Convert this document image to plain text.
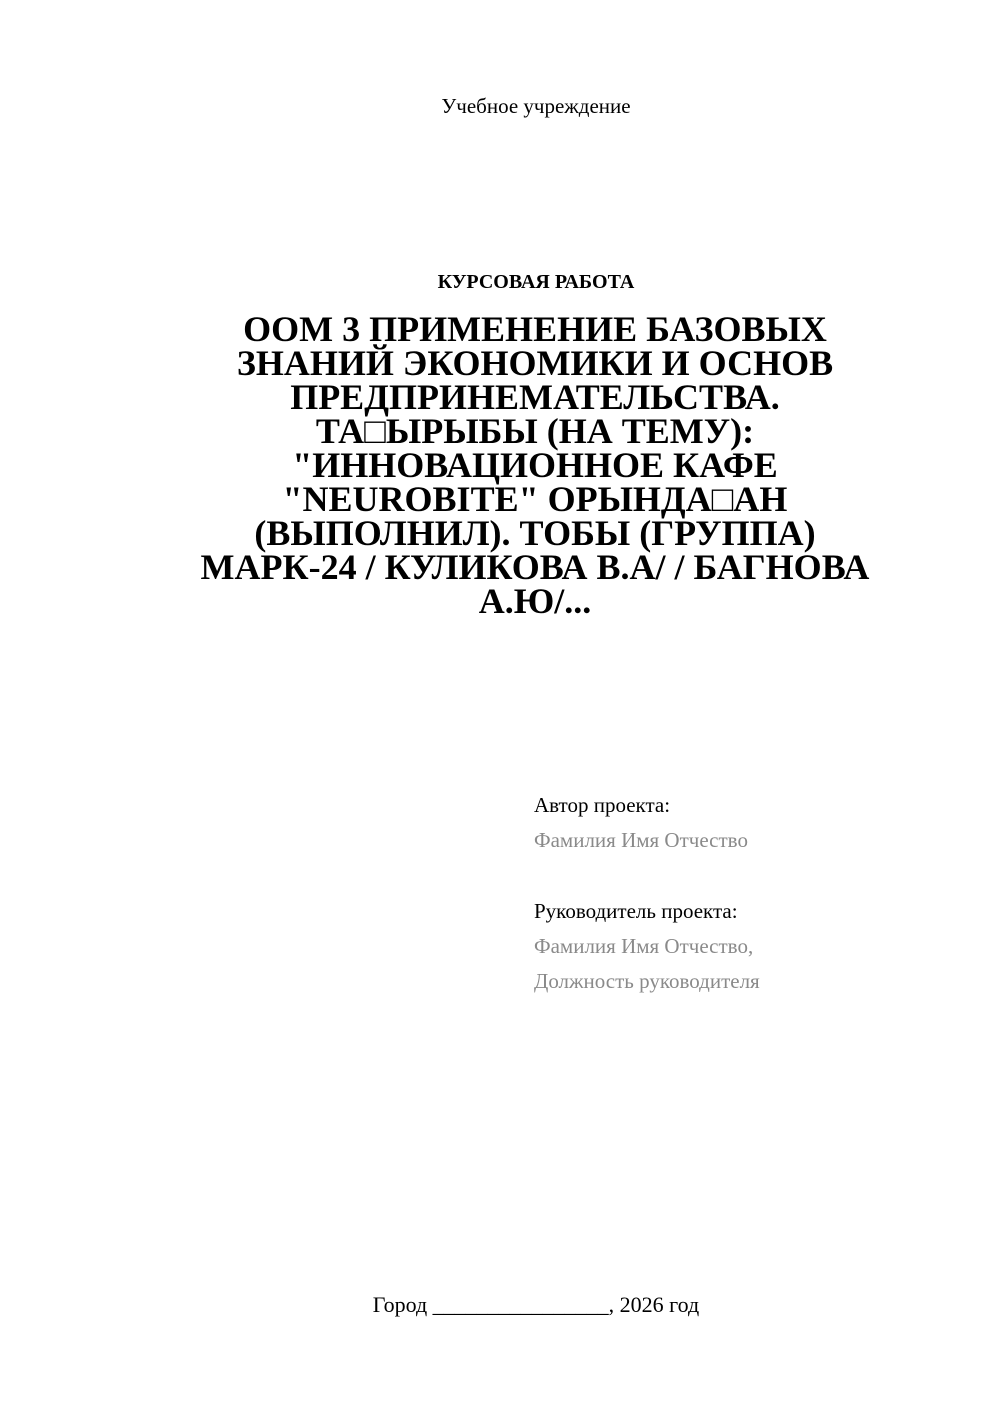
Учебное учреждение
КУРСОВАЯ РАБОТА
ООМ 3 ПРИМЕНЕНИЕ БАЗОВЫХ
ЗНАНИЙ ЭКОНОМИКИ И ОСНОВ
ПРЕДПРИНЕМАТЕЛЬСТВА.
ТА□ЫРЫБЫ (НА ТЕМУ):
"ИННОВАЦИОННОЕ КАФЕ
"NEUROBITE" ОРЫНДА□АН
(ВЫПОЛНИЛ). ТОБЫ (ГРУППА)
МАРК-24 / КУЛИКОВА В.А/ / БАГНОВА
А.Ю/...
Автор проекта:
Фамилия Имя Отчество
Руководитель проекта:
Фамилия Имя Отчество,
Должность руководителя
Город ________________, 2026 год
